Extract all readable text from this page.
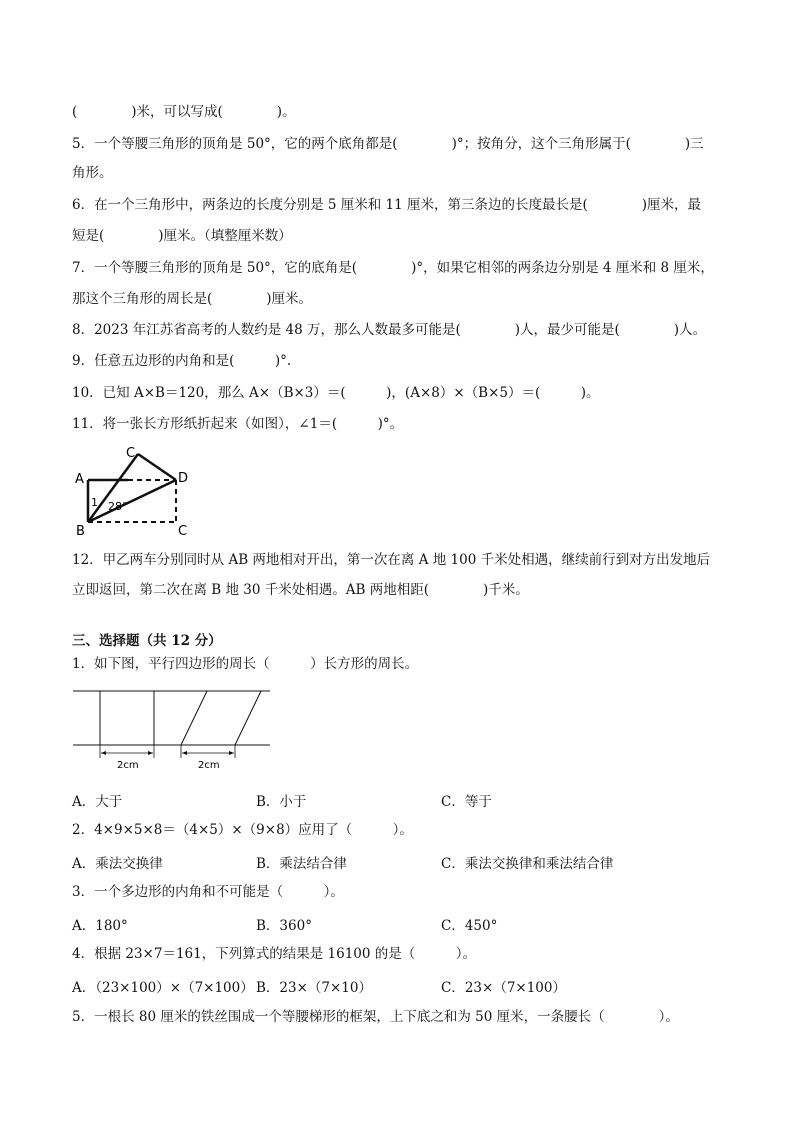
(　　　　)米，可以写成(　　　　)。
5．一个等腰三角形的顶角是 50°，它的两个底角都是(　　　　)°；按角分，这个三角形属于(　　　　)三
角形。
6．在一个三角形中，两条边的长度分别是 5 厘米和 11 厘米，第三条边的长度最长是(　　　　)厘米，最
短是(　　　　)厘米。（填整厘米数）
7．一个等腰三角形的顶角是 50°，它的底角是(　　　　)°，如果它相邻的两条边分别是 4 厘米和 8 厘米，
那这个三角形的周长是(　　　　)厘米。
8．2023 年江苏省高考的人数约是 48 万，那么人数最多可能是(　　　　)人，最少可能是(　　　　)人。
9．任意五边形的内角和是(　　　)°.
10．已知 A×B＝120，那么 A×（B×3）＝(　　　)，(A×8）×（B×5）＝(　　　)。
11．将一张长方形纸折起来（如图），∠1＝(　　　)°。
A
B
C
D
C
1 28°
12．甲乙两车分别同时从 AB 两地相对开出，第一次在离 A 地 100 千米处相遇，继续前行到对方出发地后
立即返回，第二次在离 B 地 30 千米处相遇。AB 两地相距(　　　　)千米。
三、选择题（共 12 分）
1．如下图，平行四边形的周长（　　　）长方形的周长。
2cm	2cm
A．大于	B．小于	C．等于
2．4×9×5×8＝（4×5）×（9×8）应用了（　　　）。
A．乘法交换律	B．乘法结合律	C．乘法交换律和乘法结合律
3．一个多边形的内角和不可能是（　　　）。
A．180°	B．360°	C．450°
4．根据 23×7＝161，下列算式的结果是 16100 的是（　　　）。
A．（23×100）×（7×100） B．23×（7×10）	C．23×（7×100）
5．一根长 80 厘米的铁丝围成一个等腰梯形的框架，上下底之和为 50 厘米，一条腰长（　　　　）。
